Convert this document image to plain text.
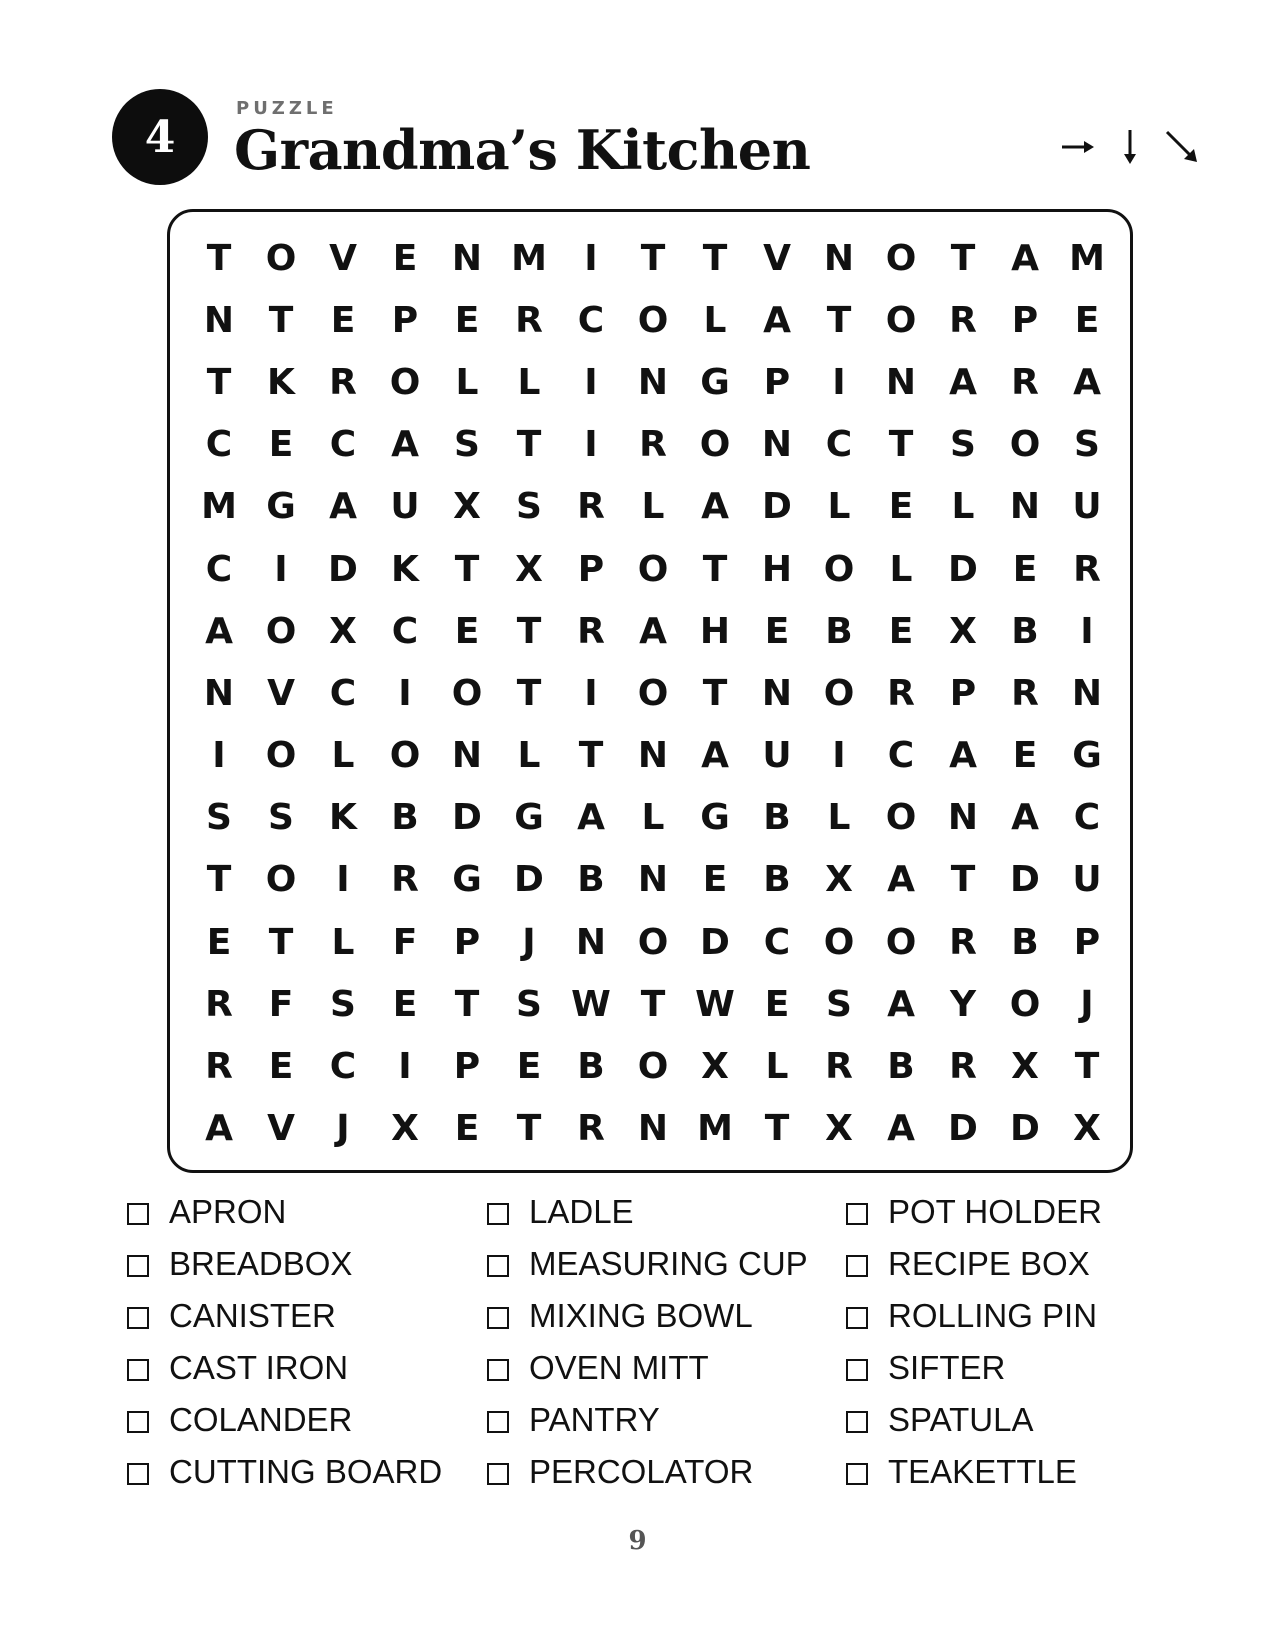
4
PUZZLE
Grandma’s Kitchen
T O V E N M	I	T	T V N O T A M
N T	E	P	E R C O L	A T O R P	E
T K R O L	L	I	N G P	I	N A R A
C	E	C A S	T	I	R O N C	T	S O S
M G A U X S R	L	A D L	E	L N U
C	I	D K T X P O T H O L D E R
A O X C	E	T R A H E B E X B	I
N V C	I	O T	I	O T N O R P R N
I	O L O N L	T N A U	I	C A E G
S	S K B D G A	L G B	L O N A C
T O	I	R G D B N E B X A T D U
E	T	L	F	P	J	N O D C O O R B P
R F	S	E	T	S W T W E	S A Y O	J
R E	C	I	P	E B O X	L	R B R X T
A V	J	X E	T R N M T X A D D X
APRON
BREADBOX
CANISTER
CAST IRON
COLANDER
CUTTING BOARD
LADLE
MEASURING CUP
MIXING BOWL
OVEN MITT
PANTRY
PERCOLATOR
POT HOLDER
RECIPE BOX
ROLLING PIN
SIFTER
SPATULA
TEAKETTLE
9
